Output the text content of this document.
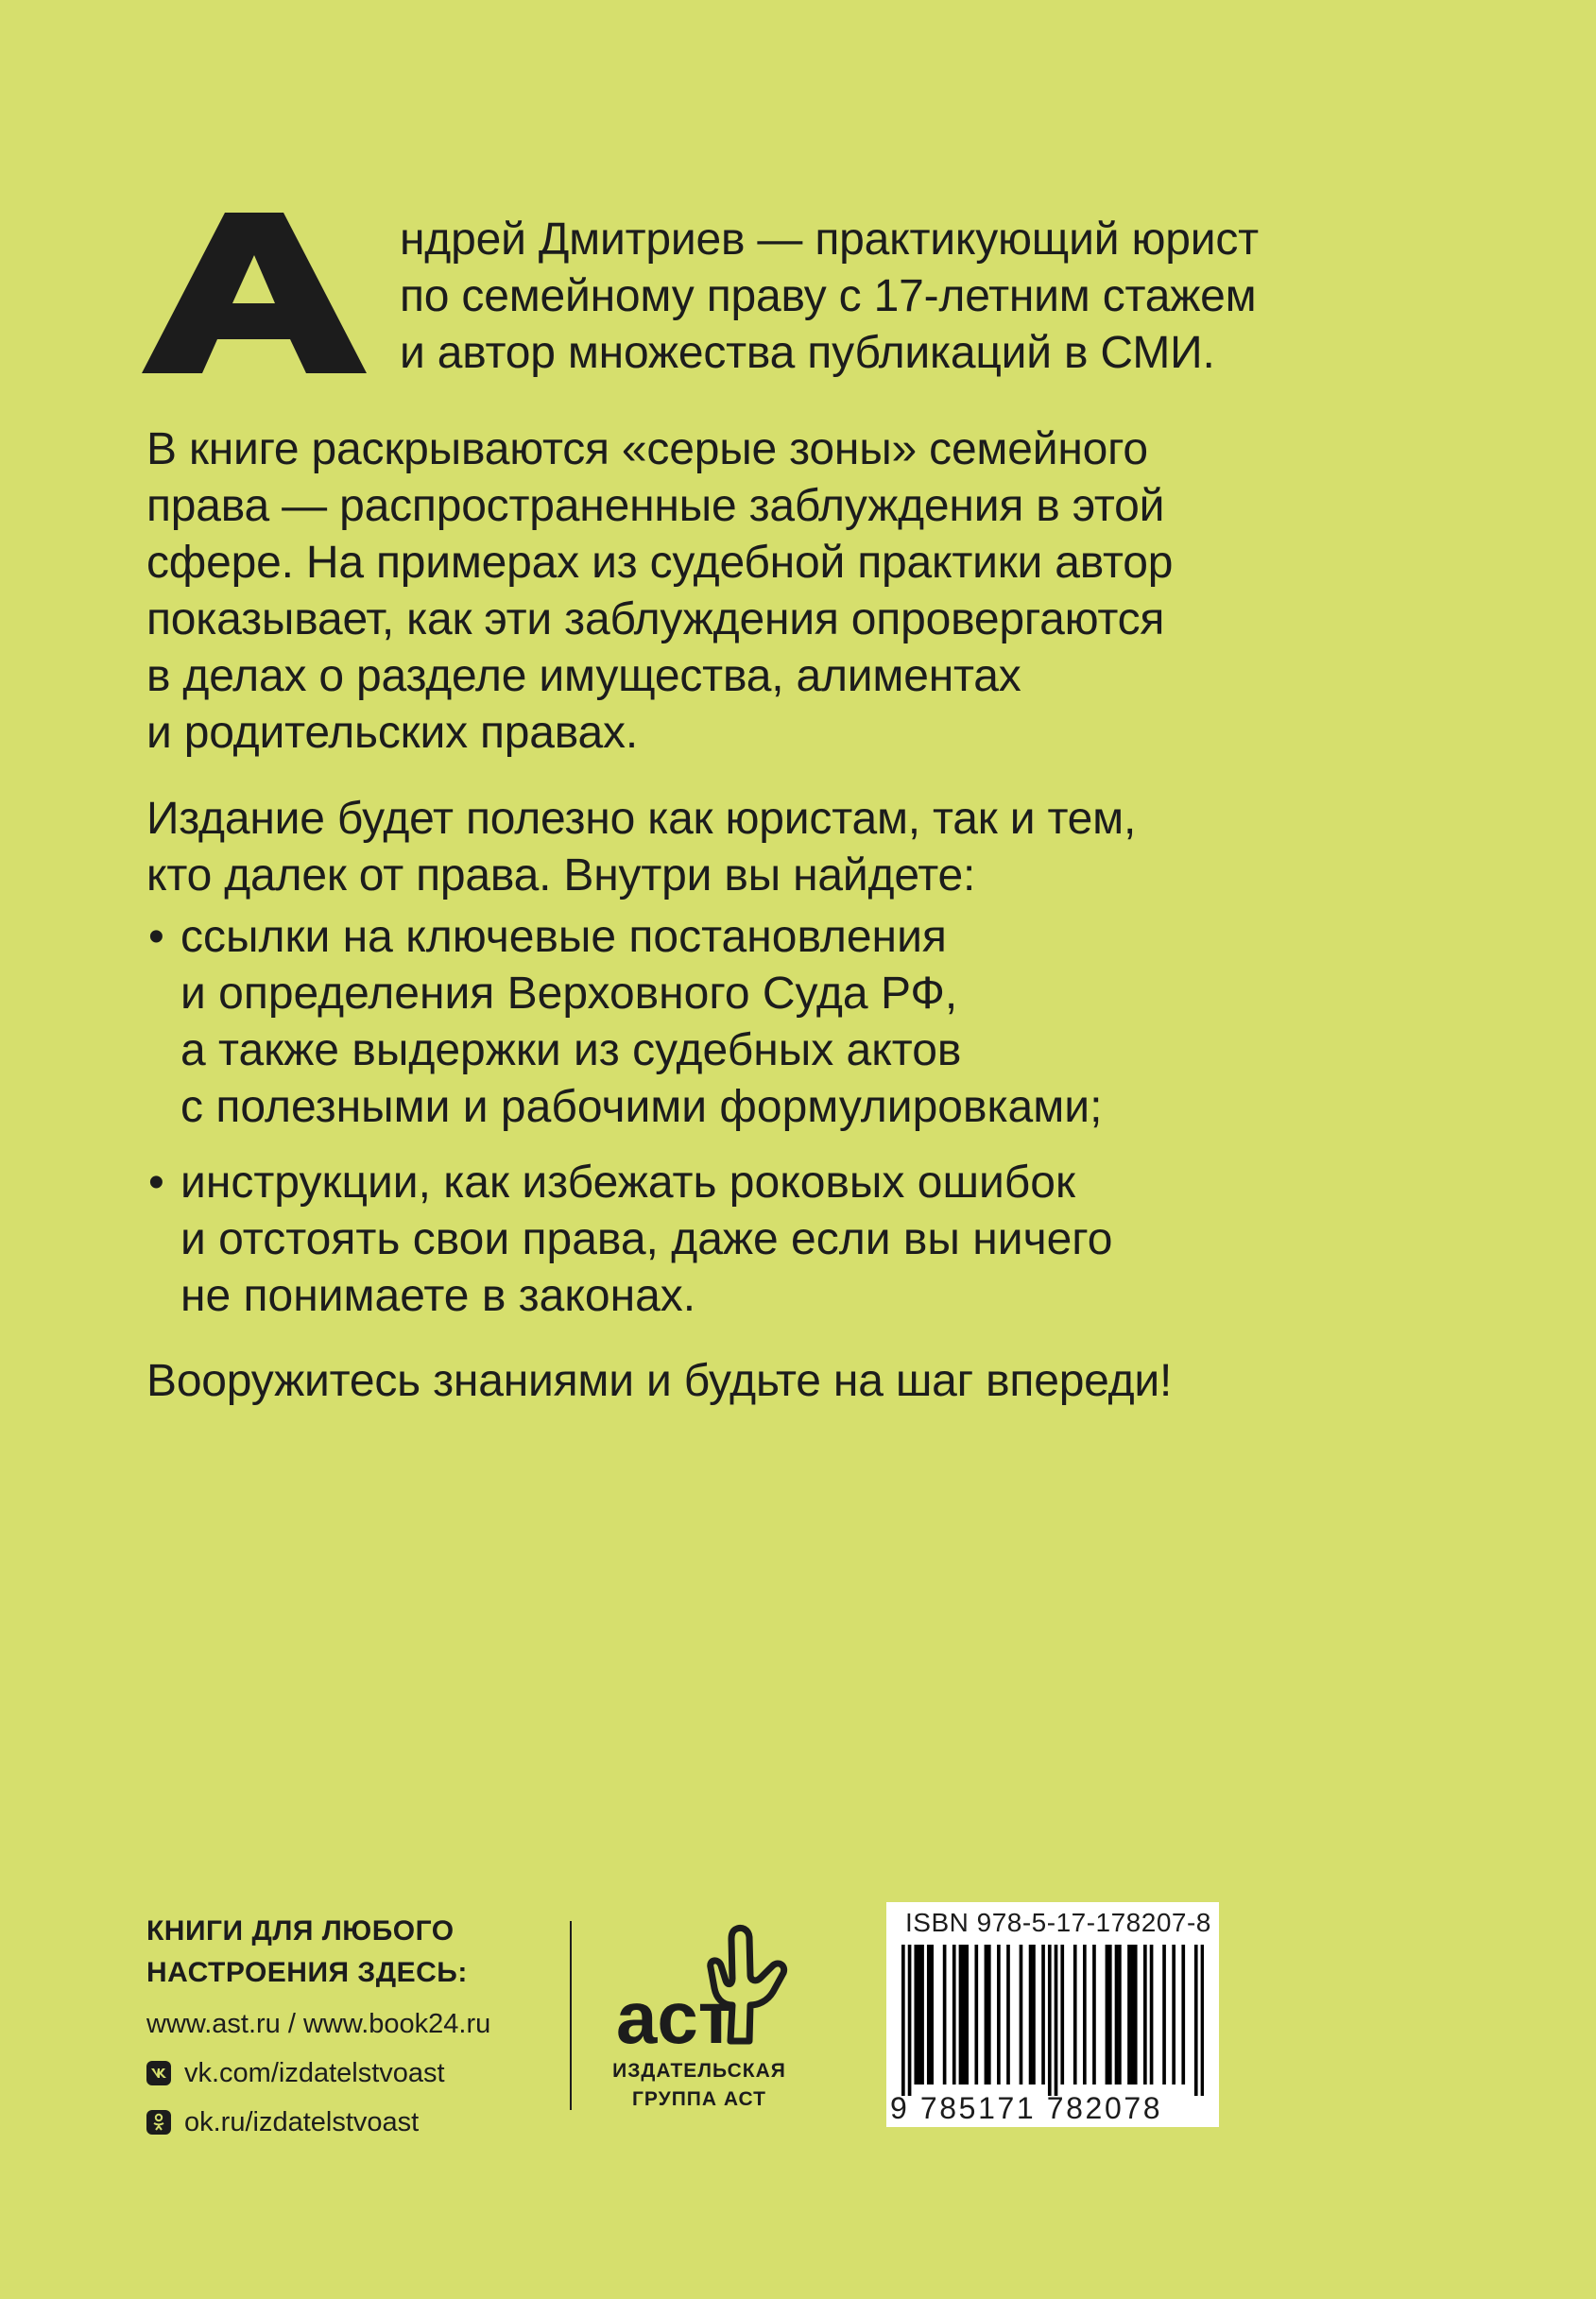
ндрей Дмитриев — практикующий юрист
по семейному праву с 17-летним стажем
и автор множества публикаций в СМИ.
В книге раскрываются «серые зоны» семейного
права — распространенные заблуждения в этой
сфере. На примерах из судебной практики автор
показывает, как эти заблуждения опровергаются
в делах о разделе имущества, алиментах
и родительских правах.
Издание будет полезно как юристам, так и тем,
кто далек от права. Внутри вы найдете:
• ссылки на ключевые постановления
и определения Верховного Суда РФ,
а также выдержки из судебных актов
с полезными и рабочими формулировками;
• инструкции, как избежать роковых ошибок
и отстоять свои права, даже если вы ничего
не понимаете в законах.
Вооружитесь знаниями и будьте на шаг впереди!
КНИГИ ДЛЯ ЛЮБОГО
НАСТРОЕНИЯ ЗДЕСЬ:
www.ast.ru / www.book24.ru
vk.com/izdatelstvoast
ok.ru/izdatelstvoast
аст
ИЗДАТЕЛЬСКАЯ
ГРУППА АСТ
ISBN 978-5-17-178207-8
9 785171 782078
